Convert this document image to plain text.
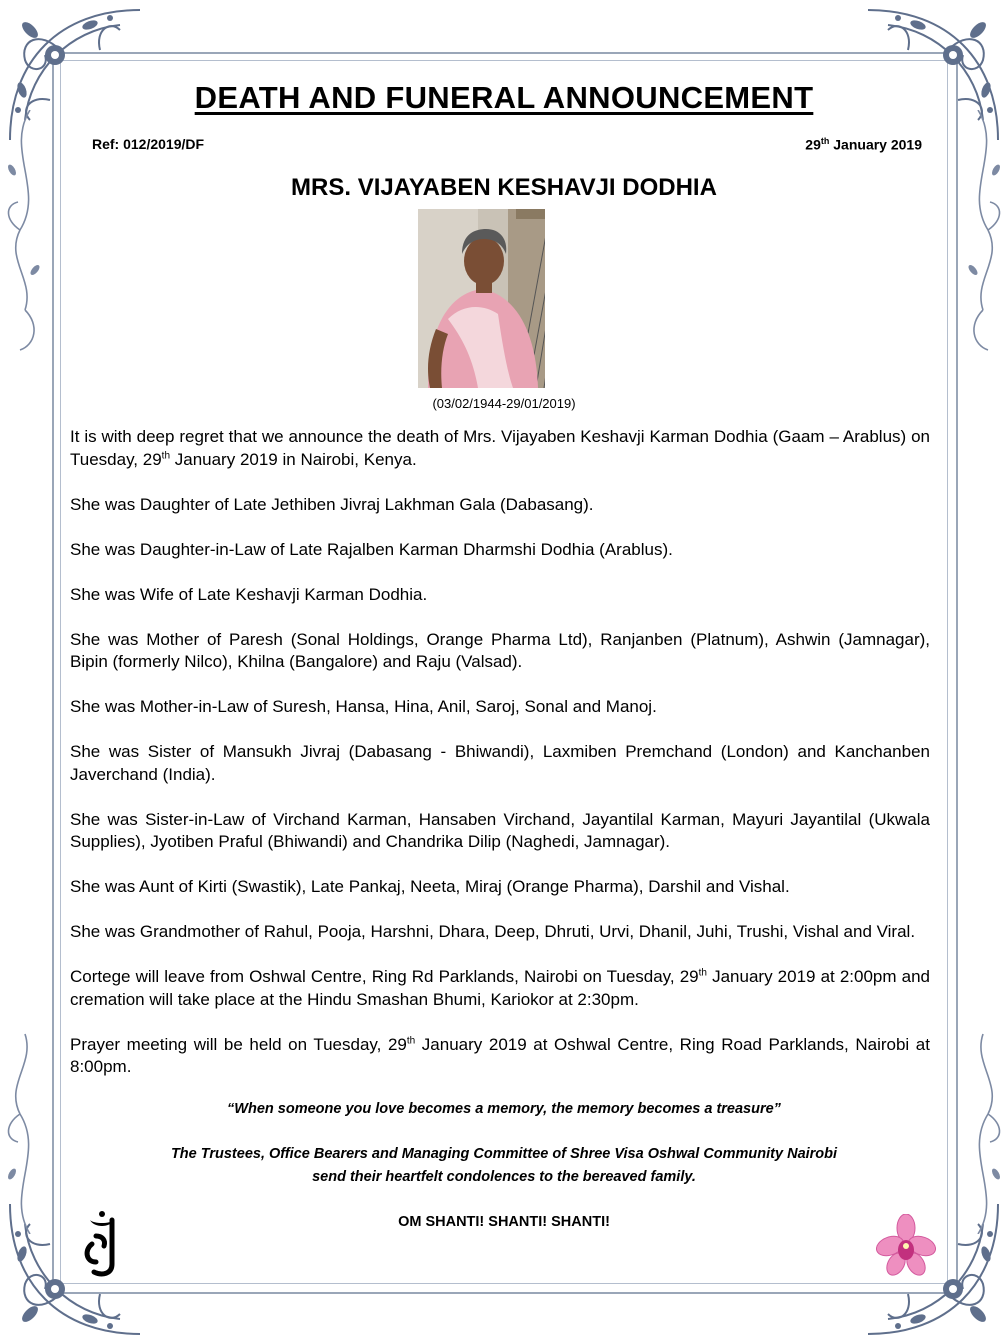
DEATH AND FUNERAL ANNOUNCEMENT
Ref: 012/2019/DF	29th January 2019
MRS. VIJAYABEN KESHAVJI DODHIA
(03/02/1944-29/01/2019)

It is with deep regret that we announce the death of Mrs. Vijayaben Keshavji Karman Dodhia (Gaam – Arablus) on Tuesday, 29th January 2019 in Nairobi, Kenya.

She was Daughter of Late Jethiben Jivraj Lakhman Gala (Dabasang).

She was Daughter-in-Law of Late Rajalben Karman Dharmshi Dodhia (Arablus).

She was Wife of Late Keshavji Karman Dodhia.

She was Mother of Paresh (Sonal Holdings, Orange Pharma Ltd), Ranjanben (Platnum), Ashwin (Jamnagar), Bipin (formerly Nilco), Khilna (Bangalore) and Raju (Valsad).

She was Mother-in-Law of Suresh, Hansa, Hina, Anil, Saroj, Sonal and Manoj.

She was Sister of Mansukh Jivraj (Dabasang - Bhiwandi), Laxmiben Premchand (London) and Kanchanben Javerchand (India).

She was Sister-in-Law of Virchand Karman, Hansaben Virchand, Jayantilal Karman, Mayuri Jayantilal (Ukwala Supplies), Jyotiben Praful (Bhiwandi) and Chandrika Dilip (Naghedi, Jamnagar).

She was Aunt of Kirti (Swastik), Late Pankaj, Neeta, Miraj (Orange Pharma), Darshil and Vishal.

She was Grandmother of Rahul, Pooja, Harshni, Dhara, Deep, Dhruti, Urvi, Dhanil, Juhi, Trushi, Vishal and Viral.

Cortege will leave from Oshwal Centre, Ring Rd Parklands, Nairobi on Tuesday, 29th January 2019 at 2:00pm and cremation will take place at the Hindu Smashan Bhumi, Kariokor at 2:30pm.

Prayer meeting will be held on Tuesday, 29th January 2019 at Oshwal Centre, Ring Road Parklands, Nairobi at 8:00pm.

“When someone you love becomes a memory, the memory becomes a treasure”
The Trustees, Office Bearers and Managing Committee of Shree Visa Oshwal Community Nairobi
send their heartfelt condolences to the bereaved family.
OM SHANTI! SHANTI! SHANTI!
